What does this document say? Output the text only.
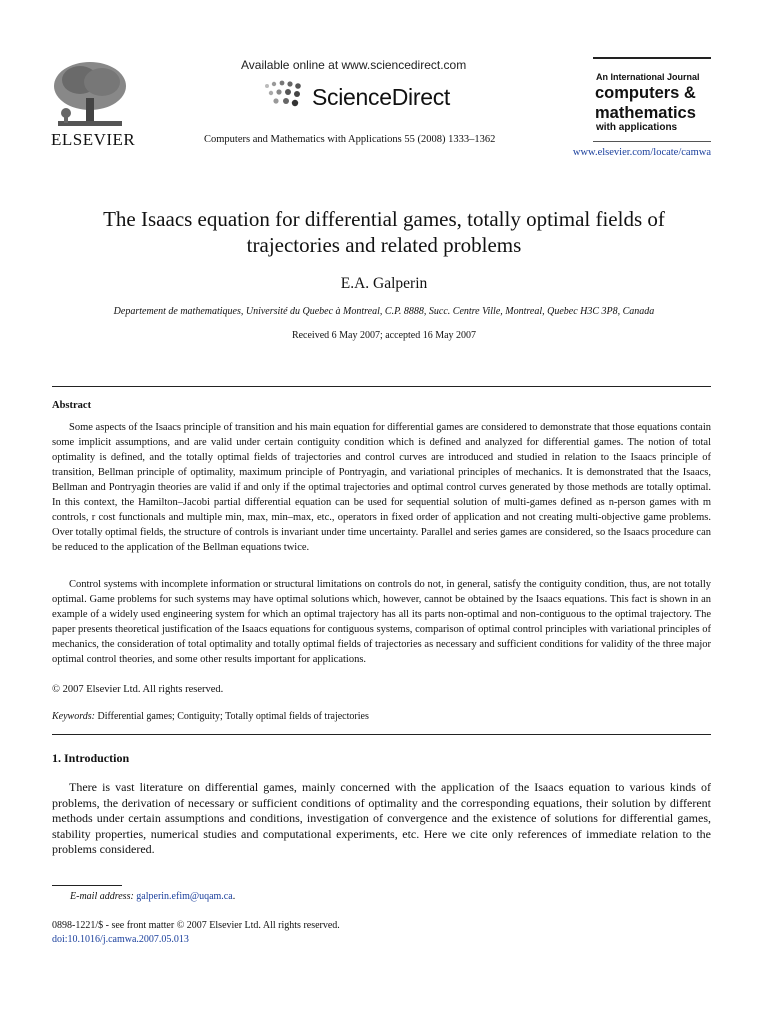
ELSEVIER
Available online at www.sciencedirect.com
ScienceDirect
Computers and Mathematics with Applications 55 (2008) 1333–1362
An International Journal
computers &
mathematics
with applications
www.elsevier.com/locate/camwa
The Isaacs equation for differential games, totally optimal fields of
trajectories and related problems
E.A. Galperin
Departement de mathematiques, Université du Quebec à Montreal, C.P. 8888, Succ. Centre Ville, Montreal, Quebec H3C 3P8, Canada
Received 6 May 2007; accepted 16 May 2007
Abstract

Some aspects of the Isaacs principle of transition and his main equation for differential games are considered to demonstrate that those equations contain some implicit assumptions, and are valid under certain contiguity condition which is defined and analyzed for differential games. The notion of total optimality is defined, and the totally optimal fields of trajectories and control curves are introduced and studied in relation to the Isaacs principle of transition, Bellman principle of optimality, maximum principle of Pontryagin, and variational principles of mechanics. It is demonstrated that the Isaacs, Bellman and Pontryagin theories are valid if and only if the optimal trajectories and optimal control curves generated by those methods are totally optimal. In this context, the Hamilton–Jacobi partial differential equation can be used for sequential solution of multi-games defined as n-person games with m controls, r cost functionals and multiple min, max, min–max, etc., operators in fixed order of application and not creating multi-objective game problems. Over totally optimal fields, the structure of controls is invariant under time uncertainty. Parallel and series games are considered, so the Isaacs procedure can be reduced to the application of the Bellman equations twice.

Control systems with incomplete information or structural limitations on controls do not, in general, satisfy the contiguity condition, thus, are not totally optimal. Game problems for such systems may have optimal solutions which, however, cannot be obtained by the Isaacs equations. This fact is shown in an example of a widely used engineering system for which an optimal trajectory has all its parts non-optimal and non-contiguous to the optimal trajectory. The paper presents theoretical justification of the Isaacs equations for contiguous systems, comparison of optimal control principles with variational principles of mechanics, the consideration of total optimality and totally optimal fields of trajectories as necessary and sufficient conditions for validity of the three major optimal control theories, and some other results important for applications.

© 2007 Elsevier Ltd. All rights reserved.

Keywords: Differential games; Contiguity; Totally optimal fields of trajectories
1. Introduction

There is vast literature on differential games, mainly concerned with the application of the Isaacs equation to various kinds of problems, the derivation of necessary or sufficient conditions of optimality and the corresponding equations, their solution by different methods under certain assumptions and conditions, investigation of convergence and the existence of solutions for differential games, stability properties, numerical studies and computational experiments, etc. Here we cite only references of immediate relation to the problems considered.

E-mail address: galperin.efim@uqam.ca.
0898-1221/$ - see front matter © 2007 Elsevier Ltd. All rights reserved.
doi:10.1016/j.camwa.2007.05.013
